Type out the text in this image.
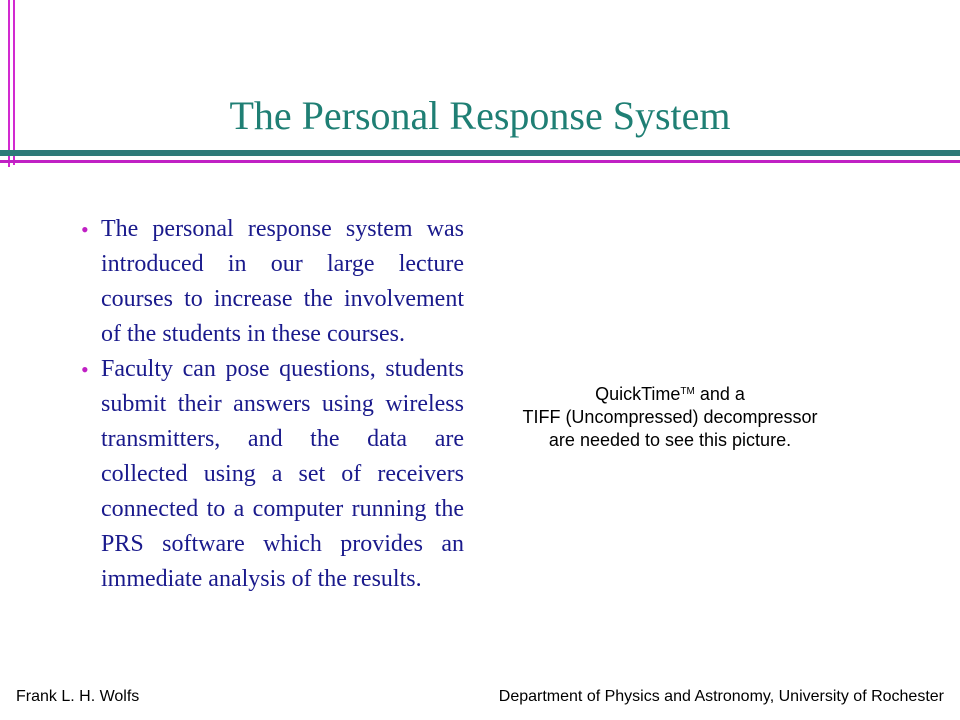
The Personal Response System
• The personal response system was introduced in our large lecture courses to increase the involvement of the students in these courses.
• Faculty can pose questions, students submit their answers using wireless transmitters, and the data are collected using a set of receivers connected to a computer running the PRS software which provides an immediate analysis of the results.
QuickTime™ and a
TIFF (Uncompressed) decompressor
are needed to see this picture.
Frank L. H. Wolfs	Department of Physics and Astronomy, University of Rochester
